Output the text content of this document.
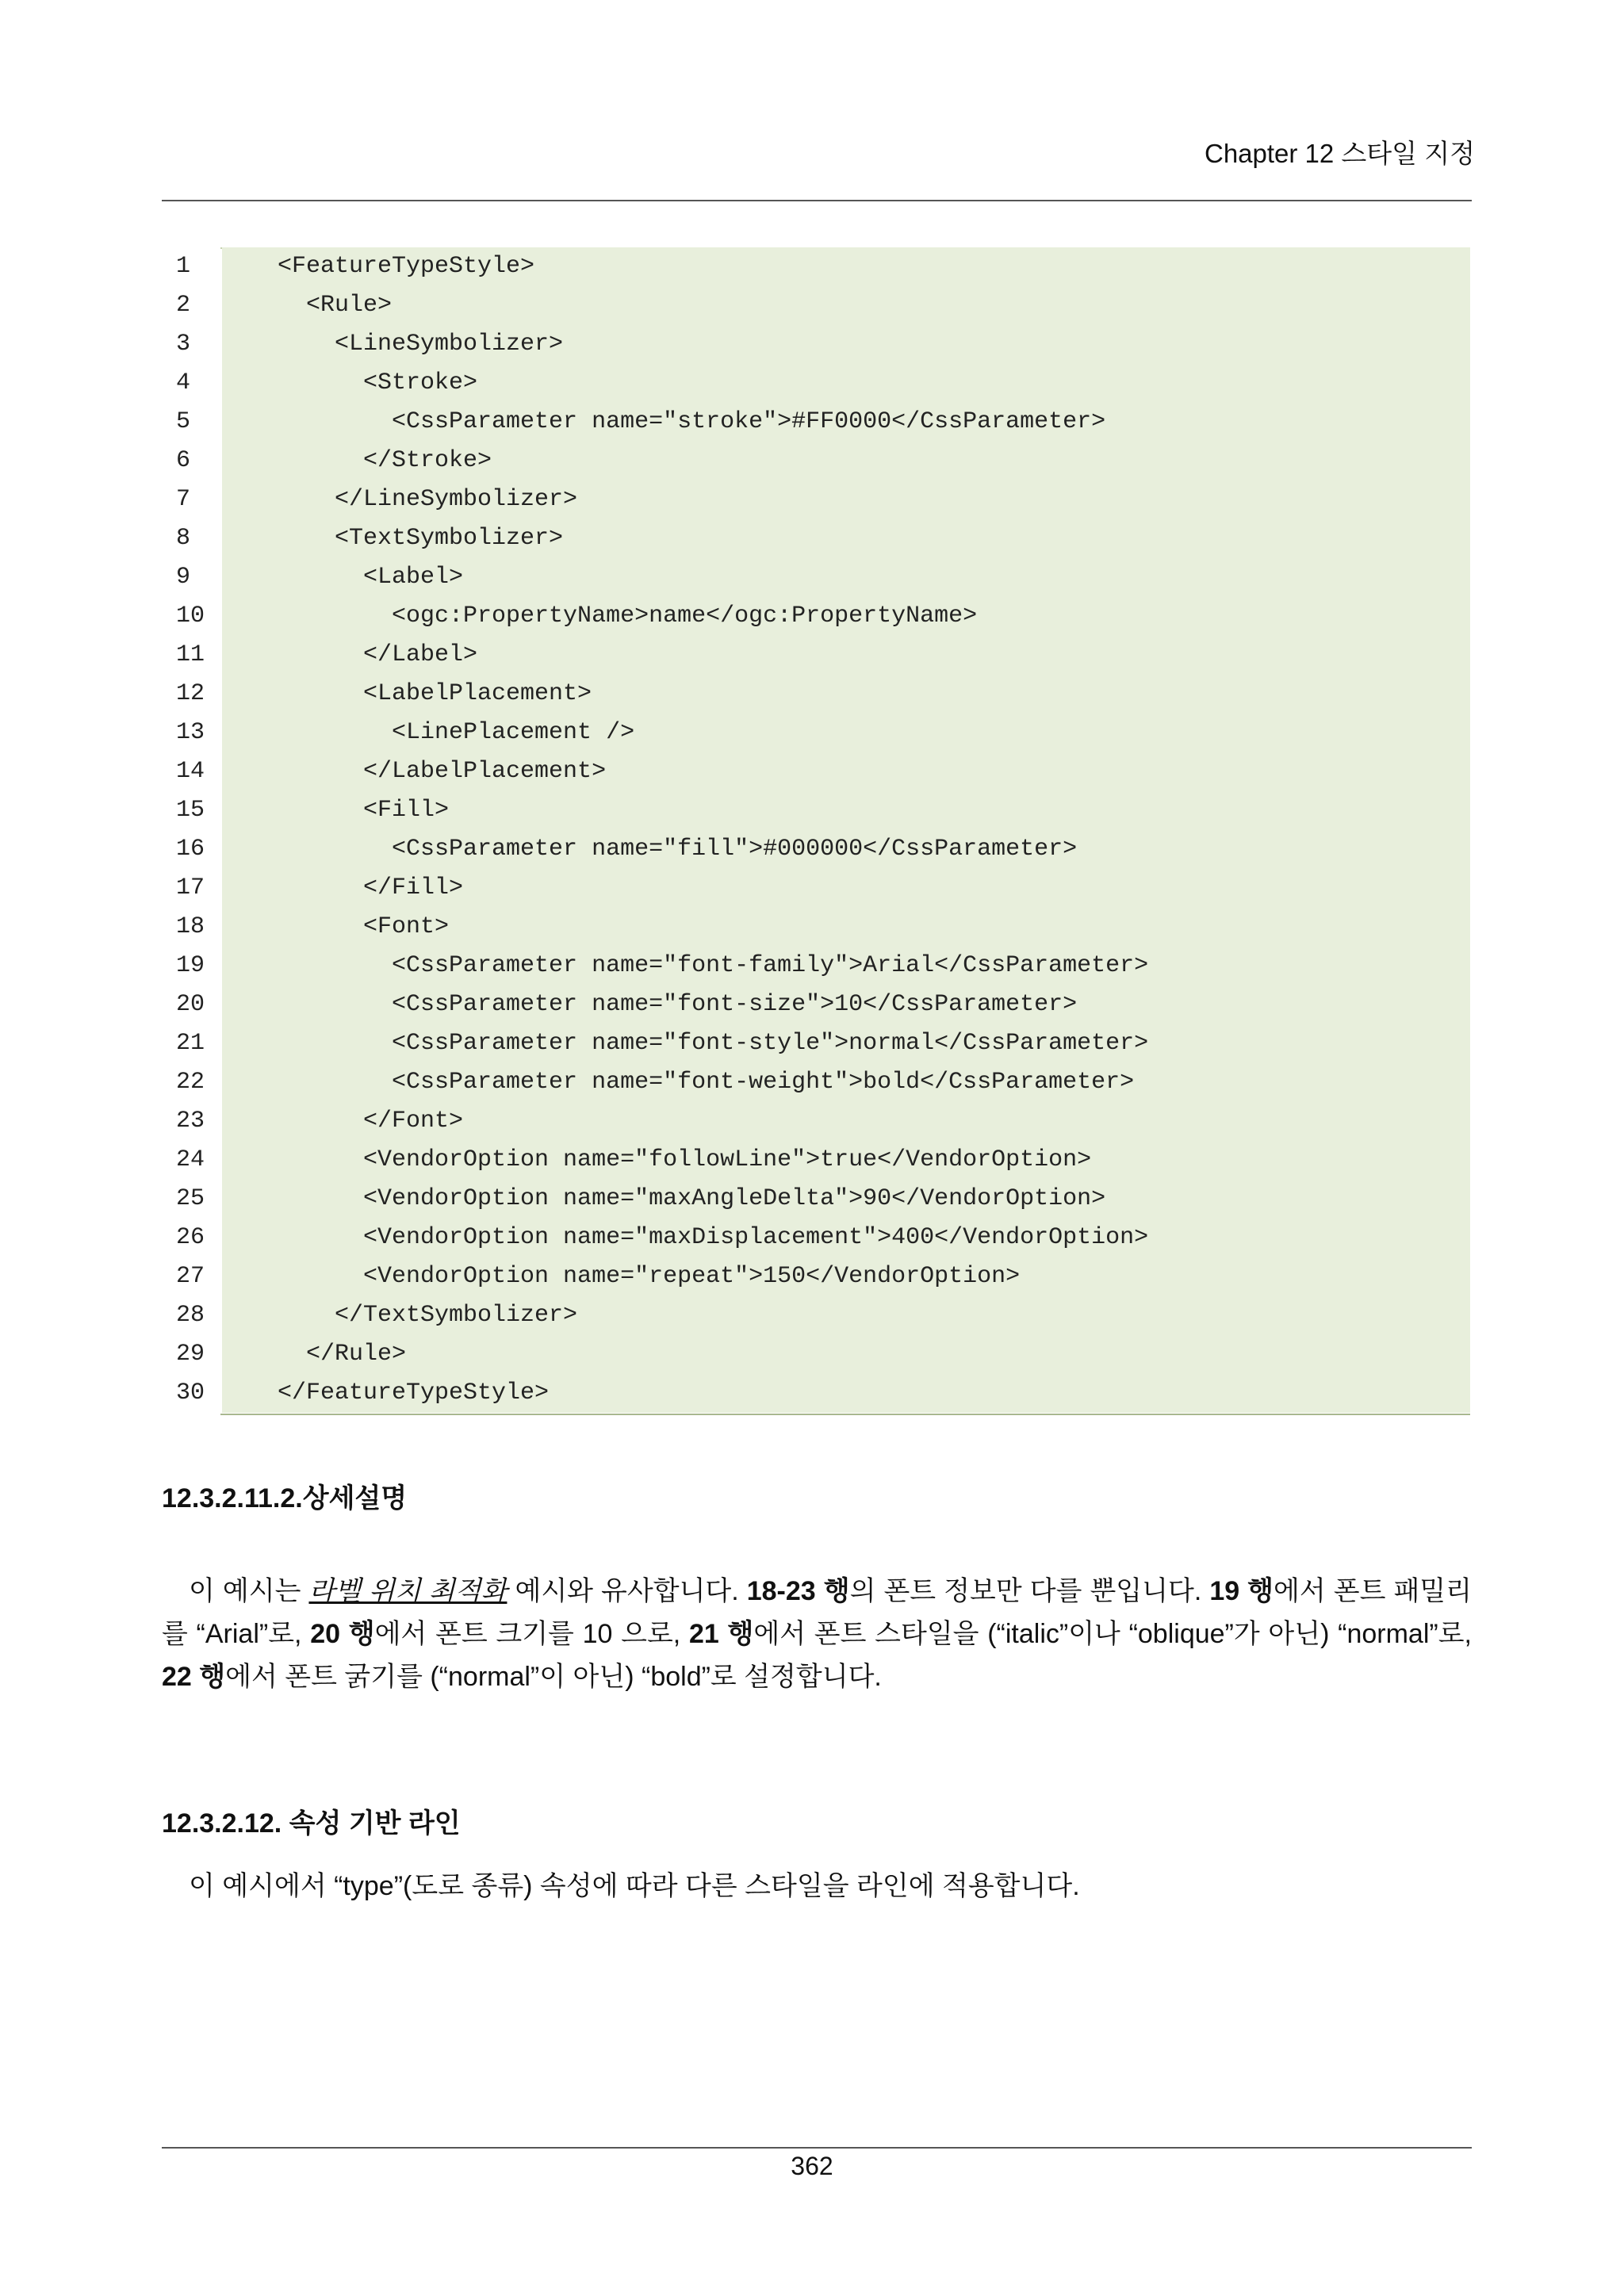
Chapter 12 스타일 지정
1	<FeatureTypeStyle>
2	<Rule>
3	<LineSymbolizer>
4	<Stroke>
5	<CssParameter name="stroke">#FF0000</CssParameter>
6	</Stroke>
7	</LineSymbolizer>
8	<TextSymbolizer>
9	<Label>
10	<ogc:PropertyName>name</ogc:PropertyName>
11	</Label>
12	<LabelPlacement>
13	<LinePlacement />
14	</LabelPlacement>
15	<Fill>
16	<CssParameter name="fill">#000000</CssParameter>
17	</Fill>
18	<Font>
19	<CssParameter name="font-family">Arial</CssParameter>
20	<CssParameter name="font-size">10</CssParameter>
21	<CssParameter name="font-style">normal</CssParameter>
22	<CssParameter name="font-weight">bold</CssParameter>
23	</Font>
24	<VendorOption name="followLine">true</VendorOption>
25	<VendorOption name="maxAngleDelta">90</VendorOption>
26	<VendorOption name="maxDisplacement">400</VendorOption>
27	<VendorOption name="repeat">150</VendorOption>
28	</TextSymbolizer>
29	</Rule>
30	</FeatureTypeStyle>
12.3.2.11.2.상세설명
이 예시는 라벨 위치 최적화 예시와 유사합니다. 18-23 행의 폰트 정보만 다를 뿐입니다. 19 행에서 폰트 패밀리를 “Arial”로, 20 행에서 폰트 크기를 10 으로, 21 행에서 폰트 스타일을 (“italic”이나 “oblique”가 아닌) “normal”로, 22 행에서 폰트 굵기를 (“normal”이 아닌) “bold”로 설정합니다.
12.3.2.12. 속성 기반 라인
이 예시에서 “type”(도로 종류) 속성에 따라 다른 스타일을 라인에 적용합니다.
362
